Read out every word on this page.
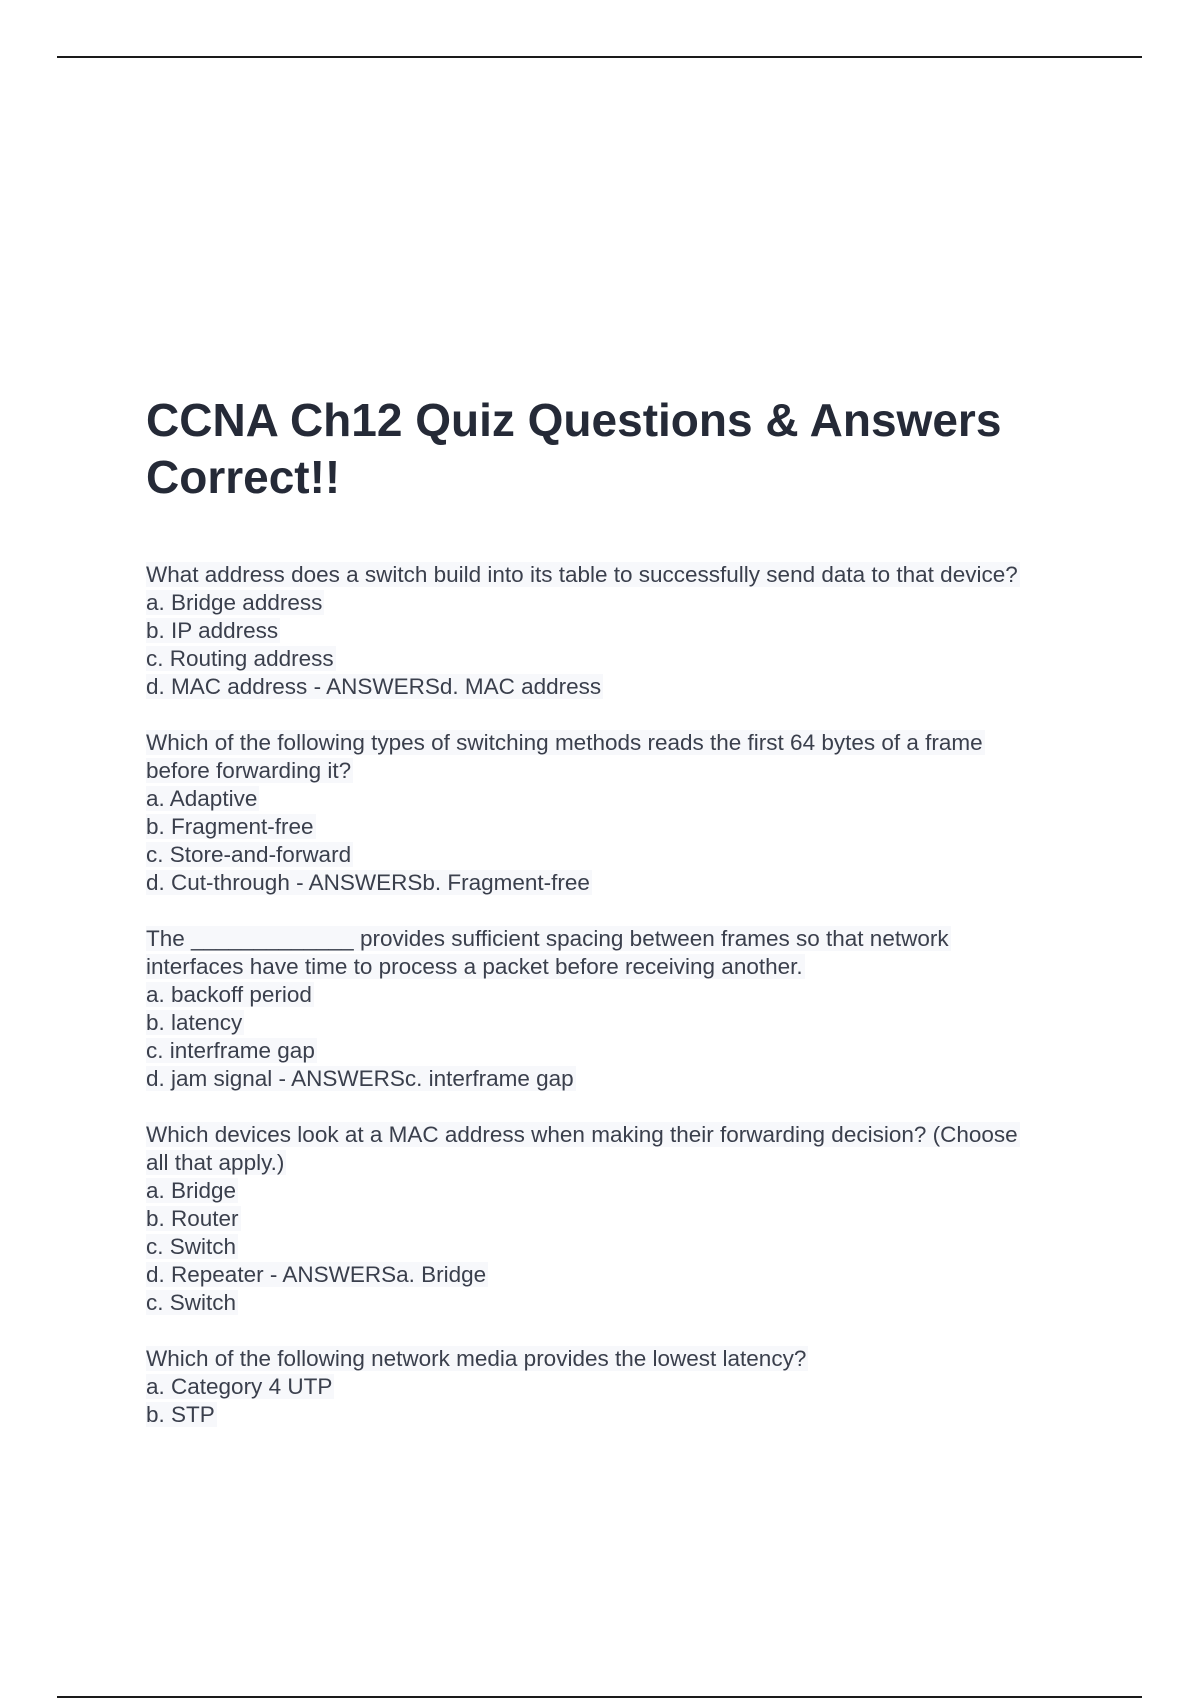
CCNA Ch12 Quiz Questions & Answers
Correct!!
What address does a switch build into its table to successfully send data to that device?
a. Bridge address
b. IP address
c. Routing address
d. MAC address - ANSWERSd. MAC address
Which of the following types of switching methods reads the first 64 bytes of a frame
before forwarding it?
a. Adaptive
b. Fragment-free
c. Store-and-forward
d. Cut-through - ANSWERSb. Fragment-free
The _____________ provides sufficient spacing between frames so that network
interfaces have time to process a packet before receiving another.
a. backoff period
b. latency
c. interframe gap
d. jam signal - ANSWERSc. interframe gap
Which devices look at a MAC address when making their forwarding decision? (Choose
all that apply.)
a. Bridge
b. Router
c. Switch
d. Repeater - ANSWERSa. Bridge
c. Switch
Which of the following network media provides the lowest latency?
a. Category 4 UTP
b. STP
